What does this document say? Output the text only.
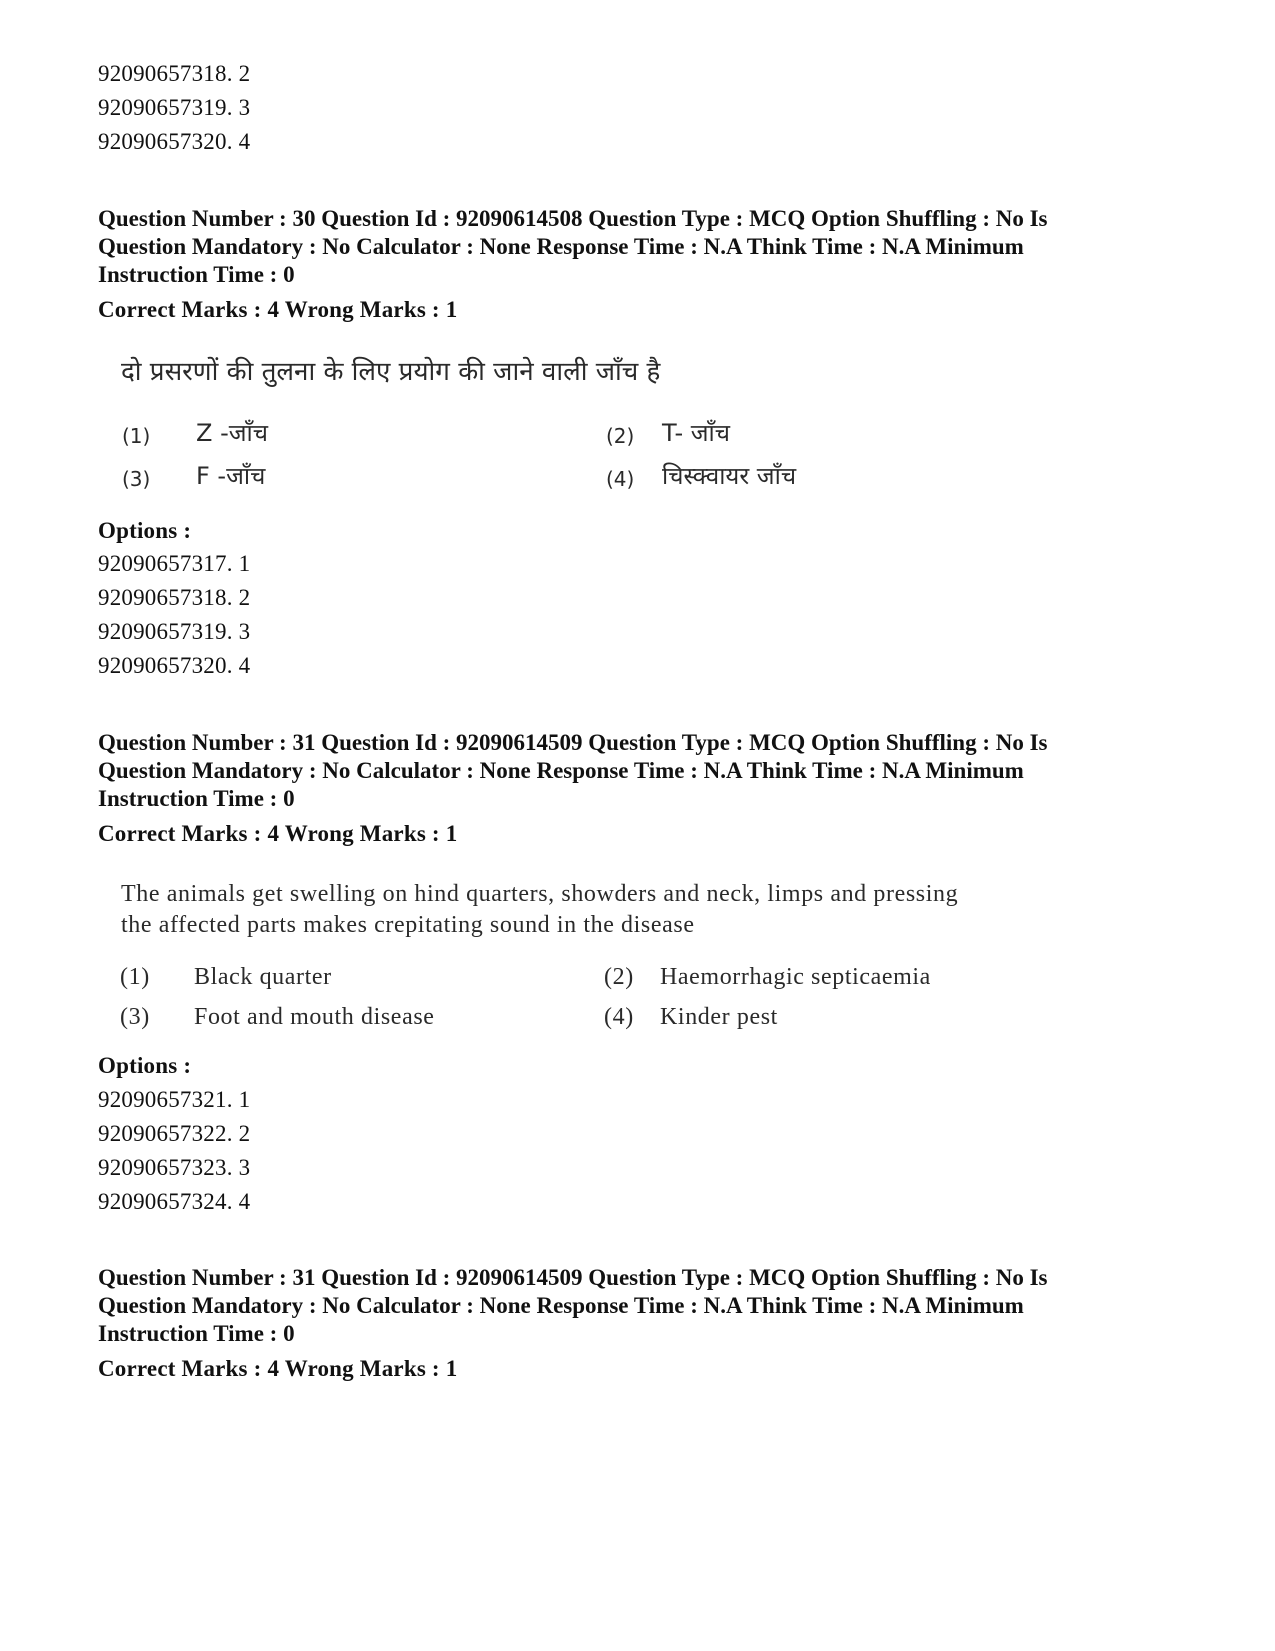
92090657318. 2
92090657319. 3
92090657320. 4
Question Number : 30 Question Id : 92090614508 Question Type : MCQ Option Shuffling : No Is
Question Mandatory : No Calculator : None Response Time : N.A Think Time : N.A Minimum
Instruction Time : 0
Correct Marks : 4 Wrong Marks : 1
दो प्रसरणों की तुलना के लिए प्रयोग की जाने वाली जाँच है
(1) Z -जाँच	(2) T- जाँच
(3) F -जाँच	(4) चिस्क्वायर जाँच
Options :
92090657317. 1
92090657318. 2
92090657319. 3
92090657320. 4
Question Number : 31 Question Id : 92090614509 Question Type : MCQ Option Shuffling : No Is
Question Mandatory : No Calculator : None Response Time : N.A Think Time : N.A Minimum
Instruction Time : 0
Correct Marks : 4 Wrong Marks : 1
The animals get swelling on hind quarters, showders and neck, limps and pressing
the affected parts makes crepitating sound in the disease
(1) Black quarter	(2) Haemorrhagic septicaemia
(3) Foot and mouth disease	(4) Kinder pest
Options :
92090657321. 1
92090657322. 2
92090657323. 3
92090657324. 4
Question Number : 31 Question Id : 92090614509 Question Type : MCQ Option Shuffling : No Is
Question Mandatory : No Calculator : None Response Time : N.A Think Time : N.A Minimum
Instruction Time : 0
Correct Marks : 4 Wrong Marks : 1
